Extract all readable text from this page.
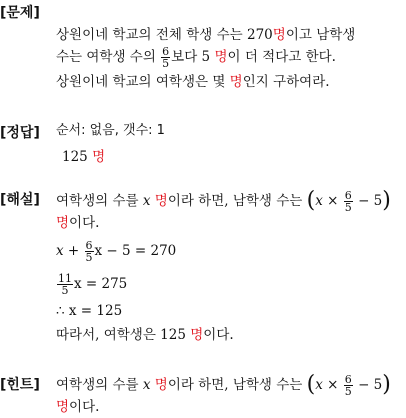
[문제]
상원이네 학교의 전체 학생 수는 270명이고 남학생
수는 여학생 수의 $\frac{6}{5}$ 보다 5 명이 더 적다고 한다.
상원이네 학교의 여학생은 몇 명인지 구하여라.
[정답] 순서: 없음, 갯수: 1
125 명
[해설] 여학생의 수를 x 명이라 하면, 남학생 수는 $(x \times \frac{6}{5} - 5)$
명이다.
$x + \frac{6}{5}$ x − 5 = 270
$\frac{11}{5}$ x = 275
∴ x = 125
따라서, 여학생은 125 명이다.
[힌트] 여학생의 수를 x 명이라 하면, 남학생 수는 $(x \times \frac{6}{5} - 5)$
명이다.
